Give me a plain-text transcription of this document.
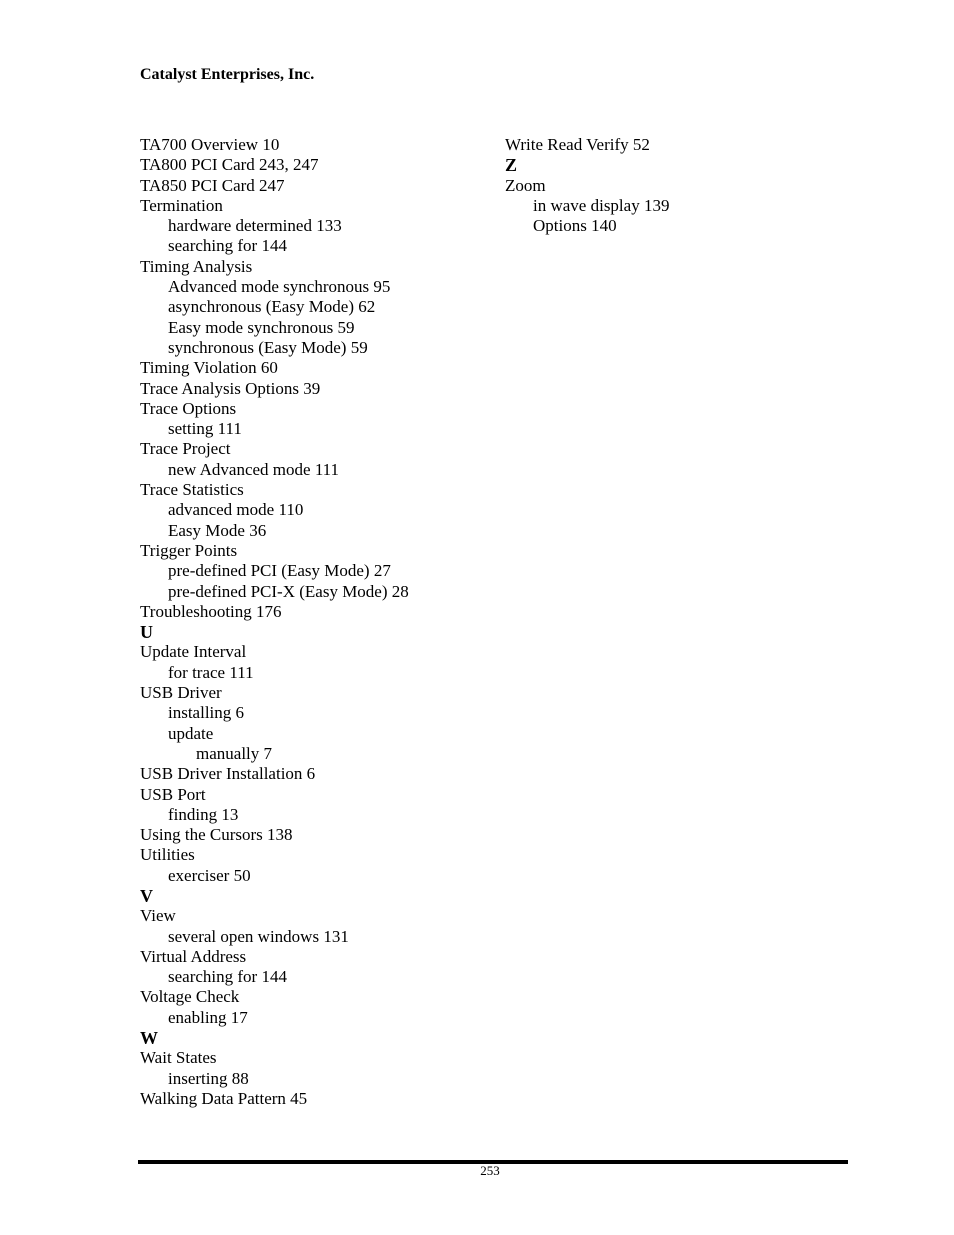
Catalyst Enterprises, Inc.
TA700 Overview 10
TA800 PCI Card 243, 247
TA850 PCI Card 247
Termination
hardware determined 133
searching for 144
Timing Analysis
Advanced mode synchronous 95
asynchronous (Easy Mode) 62
Easy mode synchronous 59
synchronous (Easy Mode) 59
Timing Violation 60
Trace Analysis Options 39
Trace Options
setting 111
Trace Project
new Advanced mode 111
Trace Statistics
advanced mode 110
Easy Mode 36
Trigger Points
pre-defined PCI (Easy Mode) 27
pre-defined PCI-X (Easy Mode) 28
Troubleshooting 176
U
Update Interval
for trace 111
USB Driver
installing 6
update
manually 7
USB Driver Installation 6
USB Port
finding 13
Using the Cursors 138
Utilities
exerciser 50
V
View
several open windows 131
Virtual Address
searching for 144
Voltage Check
enabling 17
W
Wait States
inserting 88
Walking Data Pattern 45
Write Read Verify 52
Z
Zoom
in wave display 139
Options 140
253
